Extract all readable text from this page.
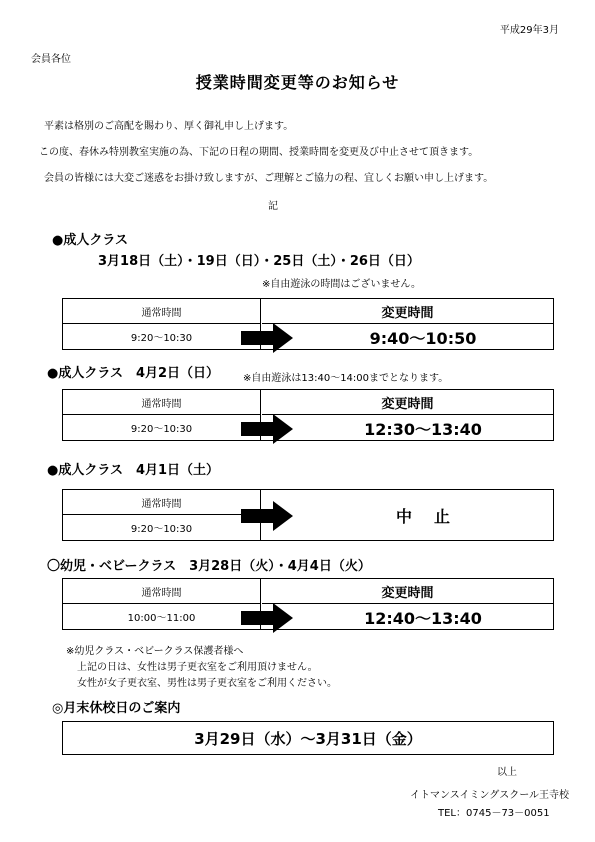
平成29年3月
会員各位
授業時間変更等のお知らせ
平素は格別のご高配を賜わり、厚く御礼申し上げます。
この度、春休み特別教室実施の為、下記の日程の期間、授業時間を変更及び中止させて頂きます。
会員の皆様には大変ご迷惑をお掛け致しますが、ご理解とご協力の程、宜しくお願い申し上げます。
記
●成人クラス
3月18日（土）・19日（日）・25日（土）・26日（日）
※自由遊泳の時間はございません。
通常時間
9:20～10:30
変更時間
9:40～10:50
●成人クラス　4月2日（日） ※自由遊泳は13:40～14:00までとなります。
通常時間
9:20～10:30
変更時間
12:30～13:40
●成人クラス　4月1日（土）
通常時間
9:20～10:30
中止
〇幼児・ベビークラス　3月28日（火）・4月4日（火）
通常時間
10:00～11:00
変更時間
12:40～13:40
※幼児クラス・ベビークラス保護者様へ
上記の日は、女性は男子更衣室をご利用頂けません。
女性が女子更衣室、男性は男子更衣室をご利用ください。
◎月末休校日のご案内
3月29日（水）～3月31日（金）
以上
イトマンスイミングスクール王寺校
TEL：0745－73－0051
